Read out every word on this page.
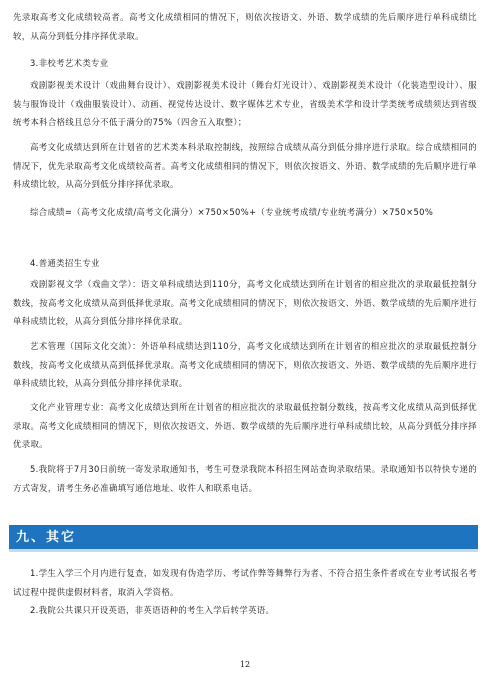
先录取高考文化成绩较高者。高考文化成绩相同的情况下，则依次按语文、外语、数学成绩的先后顺序进行单科成绩比较，从高分到低分排序择优录取。

3.非校考艺术类专业

戏剧影视美术设计（戏曲舞台设计）、戏剧影视美术设计（舞台灯光设计）、戏剧影视美术设计（化装造型设计）、服装与服饰设计（戏曲服装设计）、动画、视觉传达设计、数字媒体艺术专业，省级美术学和设计学类统考成绩须达到省级统考本科合格线且总分不低于满分的75%（四舍五入取整）；

高考文化成绩达到所在计划省的艺术类本科录取控制线，按照综合成绩从高分到低分排序进行录取。综合成绩相同的情况下，优先录取高考文化成绩较高者。高考文化成绩相同的情况下，则依次按语文、外语、数学成绩的先后顺序进行单科成绩比较，从高分到低分排序择优录取。

综合成绩=（高考文化成绩/高考文化满分）×750×50%+（专业统考成绩/专业统考满分）×750×50%

4.普通类招生专业

戏剧影视文学（戏曲文学）：语文单科成绩达到110分，高考文化成绩达到所在计划省的相应批次的录取最低控制分数线，按高考文化成绩从高到低择优录取。高考文化成绩相同的情况下，则依次按语文、外语、数学成绩的先后顺序进行单科成绩比较，从高分到低分排序择优录取。

艺术管理（国际文化交流）：外语单科成绩达到110分，高考文化成绩达到所在计划省的相应批次的录取最低控制分数线，按高考文化成绩从高到低择优录取。高考文化成绩相同的情况下，则依次按语文、外语、数学成绩的先后顺序进行单科成绩比较，从高分到低分排序择优录取。

文化产业管理专业：高考文化成绩达到所在计划省的相应批次的录取最低控制分数线，按高考文化成绩从高到低择优录取。高考文化成绩相同的情况下，则依次按语文、外语、数学成绩的先后顺序进行单科成绩比较，从高分到低分排序择优录取。

5.我院将于7月30日前统一寄发录取通知书，考生可登录我院本科招生网站查询录取结果。录取通知书以特快专递的方式寄发，请考生务必准确填写通信地址、收件人和联系电话。

九、其它

1.学生入学三个月内进行复查，如发现有伪造学历、考试作弊等舞弊行为者、不符合招生条件者或在专业考试报名考试过程中提供虚假材料者，取消入学资格。

2.我院公共课只开设英语，非英语语种的考生入学后转学英语。

12
